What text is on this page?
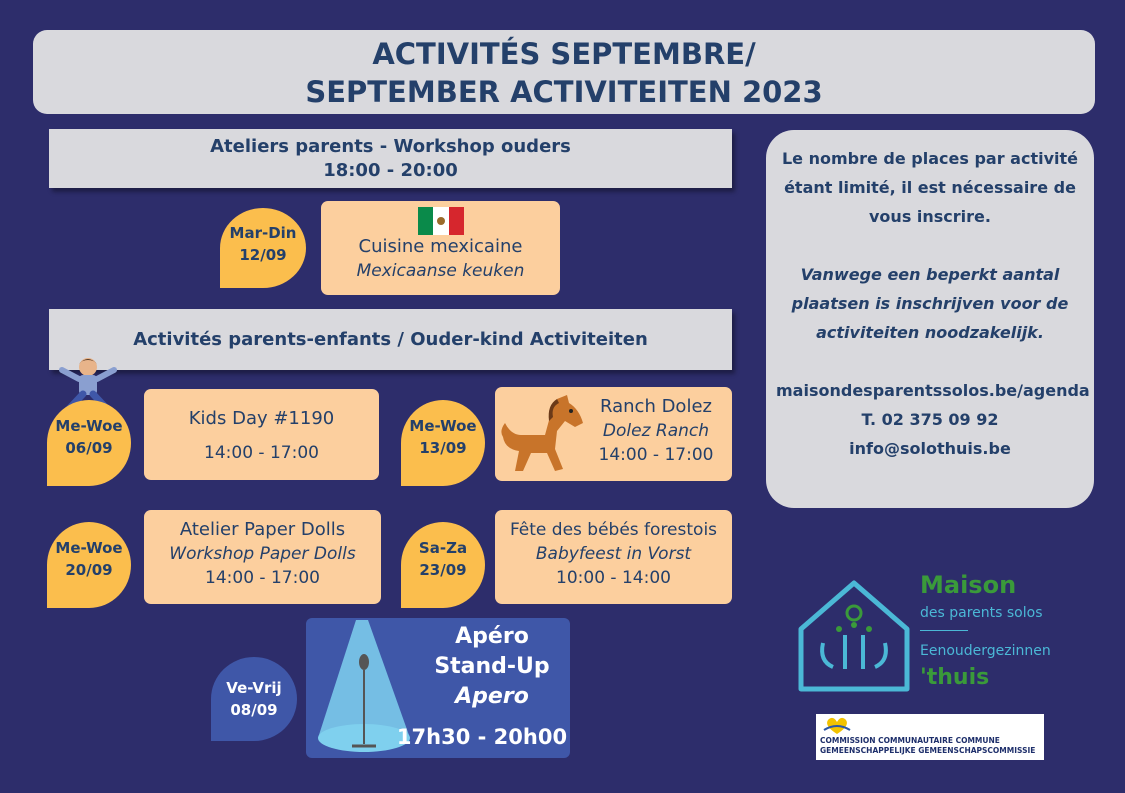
ACTIVITÉS SEPTEMBRE/
SEPTEMBER ACTIVITEITEN 2023
Ateliers parents - Workshop ouders
18:00 - 20:00
Mar-Din
12/09	Cuisine mexicaine
Mexicaanse keuken
Activités parents-enfants / Ouder-kind Activiteiten
Me-Woe
06/09
Kids Day #1190
14:00 - 17:00
Me-Woe
13/09
Ranch Dolez
Dolez Ranch
14:00 - 17:00
Me-Woe
20/09
Atelier Paper Dolls
Workshop Paper Dolls
14:00 - 17:00
Sa-Za
23/09
Fête des bébés forestois
Babyfeest in Vorst
10:00 - 14:00
Ve-Vrij
08/09
Apéro
Stand-Up
Apero
17h30 - 20h00
Le nombre de places par activité
étant limité, il est nécessaire de
vous inscrire.
Vanwege een beperkt aantal
plaatsen is inschrijven voor de
activiteiten noodzakelijk.
maisondesparentssolos.be/agenda
T. 02 375 09 92
info@solothuis.be
Maison
des parents solos
Eenoudergezinnen
'thuis
COMMISSION COMMUNAUTAIRE COMMUNE
GEMEENSCHAPPELIJKE GEMEENSCHAPSCOMMISSIE
